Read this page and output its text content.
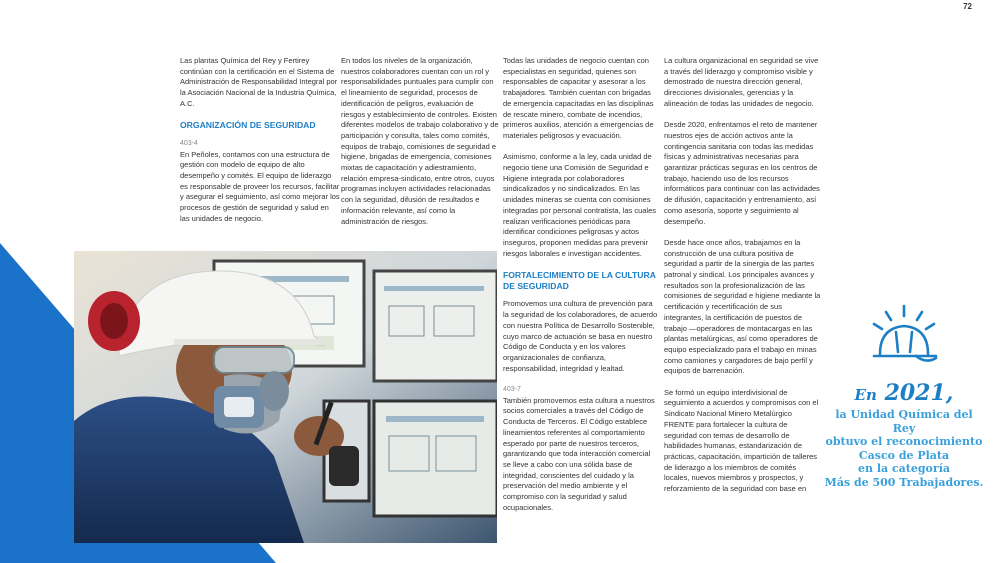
72

Las plantas Química del Rey y Fertirey continúan con la certificación en el Sistema de Administración de Responsabilidad Integral por la Asociación Nacional de la Industria Química, A.C.

ORGANIZACIÓN DE SEGURIDAD
403-4

En Peñoles, contamos con una estructura de gestión con modelo de equipo de alto desempeño y comités. El equipo de liderazgo es responsable de proveer los recursos, facilitar y asegurar el seguimiento, así como mejorar los procesos de gestión de seguridad y salud en las unidades de negocio.

En todos los niveles de la organización, nuestros colaboradores cuentan con un rol y responsabilidades puntuales para cumplir con el lineamiento de seguridad, procesos de identificación de peligros, evaluación de riesgos y establecimiento de controles. Existen diferentes modelos de trabajo colaborativo y de participación y consulta, tales como comités, equipos de trabajo, comisiones de seguridad e higiene, brigadas de emergencia, comisiones mixtas de capacitación y adiestramiento, relación empresa-sindicato, entre otros, cuyos programas incluyen actividades relacionadas con la seguridad, difusión de resultados e información relevante, así como la administración de riesgos.

Todas las unidades de negocio cuentan con especialistas en seguridad, quienes son responsables de capacitar y asesorar a los trabajadores. También cuentan con brigadas de emergencia capacitadas en las disciplinas de rescate minero, combate de incendios, primeros auxilios, atención a emergencias de materiales peligrosos y evacuación.

Asimismo, conforme a la ley, cada unidad de negocio tiene una Comisión de Seguridad e Higiene integrada por colaboradores sindicalizados y no sindicalizados. En las unidades mineras se cuenta con comisiones integradas por personal contratista, las cuales realizan verificaciones periódicas para identificar condiciones peligrosas y actos inseguros, proponen medidas para prevenir riesgos laborales e investigan accidentes.

FORTALECIMIENTO DE LA CULTURA DE SEGURIDAD

Promovemos una cultura de prevención para la seguridad de los colaboradores, de acuerdo con nuestra Política de Desarrollo Sostenible, cuyo marco de actuación se basa en nuestro Código de Conducta y en los valores organizacionales de confianza, responsabilidad, integridad y lealtad.

403-7

También promovemos esta cultura a nuestros socios comerciales a través del Código de Conducta de Terceros. El Código establece lineamientos referentes al comportamiento esperado por parte de nuestros terceros, garantizando que toda interacción comercial se lleve a cabo con una sólida base de integridad, conscientes del cuidado y la preservación del medio ambiente y el compromiso con la seguridad y salud ocupacionales.

La cultura organizacional en seguridad se vive a través del liderazgo y compromiso visible y demostrado de nuestra dirección general, direcciones divisionales, gerencias y la alineación de todas las unidades de negocio.

Desde 2020, enfrentamos el reto de mantener nuestros ejes de acción activos ante la contingencia sanitaria con todas las medidas físicas y administrativas necesarias para garantizar prácticas seguras en los centros de trabajo, haciendo uso de los recursos informáticos para continuar con las actividades de difusión, capacitación y entrenamiento, así como asesoría, soporte y seguimiento al desempeño.

Desde hace once años, trabajamos en la construcción de una cultura positiva de seguridad a partir de la sinergia de las partes patronal y sindical. Los principales avances y resultados son la profesionalización de las comisiones de seguridad e higiene mediante la certificación y recertificación de sus integrantes, la certificación de puestos de trabajo —operadores de montacargas en las plantas metalúrgicas, así como operadores de equipo especializado para el trabajo en minas como camiones y cargadores de bajo perfil y equipos de barrenación.

Se formó un equipo interdivisional de seguimiento a acuerdos y compromisos con el Sindicato Nacional Minero Metalúrgico FRENTE para fortalecer la cultura de seguridad con temas de desarrollo de habilidades humanas, estandarización de prácticas, capacitación, impartición de talleres de liderazgo a los miembros de comités locales, nuevos miembros y prospectos, y reforzamiento de la seguridad con base en

En 2021,
la Unidad Química del Rey
obtuvo el reconocimiento
Casco de Plata
en la categoría
Más de 500 Trabajadores.
